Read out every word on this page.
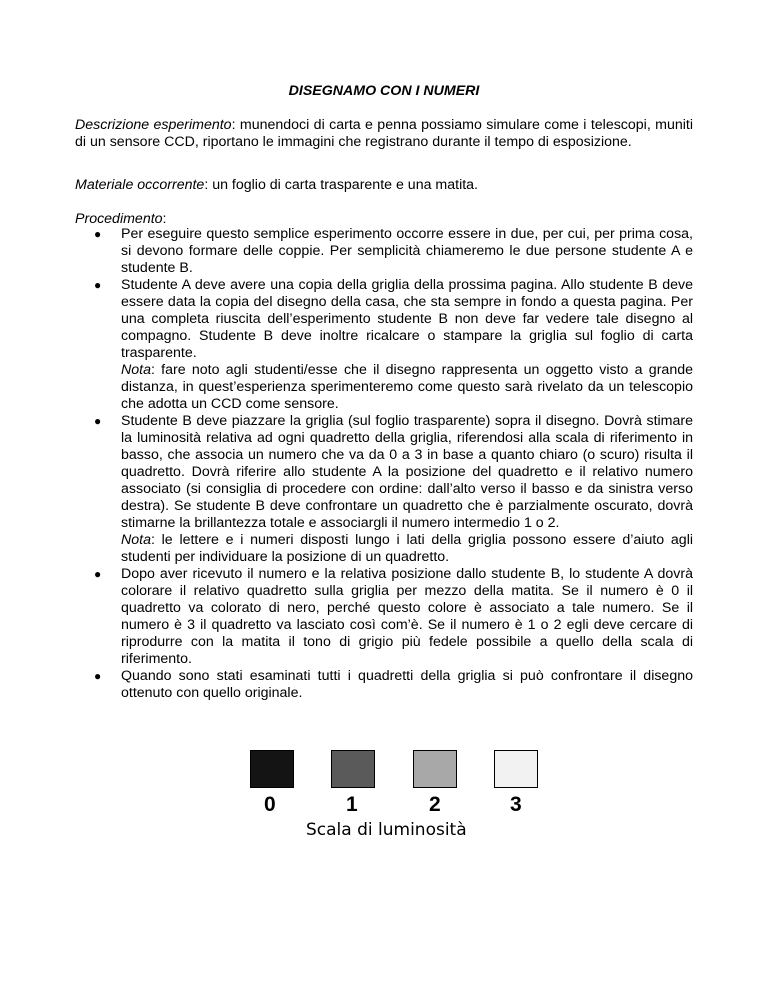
DISEGNAMO CON I NUMERI

Descrizione esperimento: munendoci di carta e penna possiamo simulare come i telescopi, muniti di un sensore CCD, riportano le immagini che registrano durante il tempo di esposizione.

Materiale occorrente: un foglio di carta trasparente e una matita.

Procedimento:

● Per eseguire questo semplice esperimento occorre essere in due, per cui, per prima cosa, si devono formare delle coppie. Per semplicità chiameremo le due persone studente A e studente B.
● Studente A deve avere una copia della griglia della prossima pagina. Allo studente B deve essere data la copia del disegno della casa, che sta sempre in fondo a questa pagina. Per una completa riuscita dell’esperimento studente B non deve far vedere tale disegno al compagno. Studente B deve inoltre ricalcare o stampare la griglia sul foglio di carta trasparente.
Nota: fare noto agli studenti/esse che il disegno rappresenta un oggetto visto a grande distanza, in quest’esperienza sperimenteremo come questo sarà rivelato da un telescopio che adotta un CCD come sensore.
● Studente B deve piazzare la griglia (sul foglio trasparente) sopra il disegno. Dovrà stimare la luminosità relativa ad ogni quadretto della griglia, riferendosi alla scala di riferimento in basso, che associa un numero che va da 0 a 3 in base a quanto chiaro (o scuro) risulta il quadretto. Dovrà riferire allo studente A la posizione del quadretto e il relativo numero associato (si consiglia di procedere con ordine: dall’alto verso il basso e da sinistra verso destra). Se studente B deve confrontare un quadretto che è parzialmente oscurato, dovrà stimarne la brillantezza totale e associargli il numero intermedio 1 o 2.
Nota: le lettere e i numeri disposti lungo i lati della griglia possono essere d’aiuto agli studenti per individuare la posizione di un quadretto.
● Dopo aver ricevuto il numero e la relativa posizione dallo studente B, lo studente A dovrà colorare il relativo quadretto sulla griglia per mezzo della matita. Se il numero è 0 il quadretto va colorato di nero, perché questo colore è associato a tale numero. Se il numero è 3 il quadretto va lasciato così com’è. Se il numero è 1 o 2 egli deve cercare di riprodurre con la matita il tono di grigio più fedele possibile a quello della scala di riferimento.
● Quando sono stati esaminati tutti i quadretti della griglia si può confrontare il disegno ottenuto con quello originale.
0	1	2	3
Scala di luminosità
